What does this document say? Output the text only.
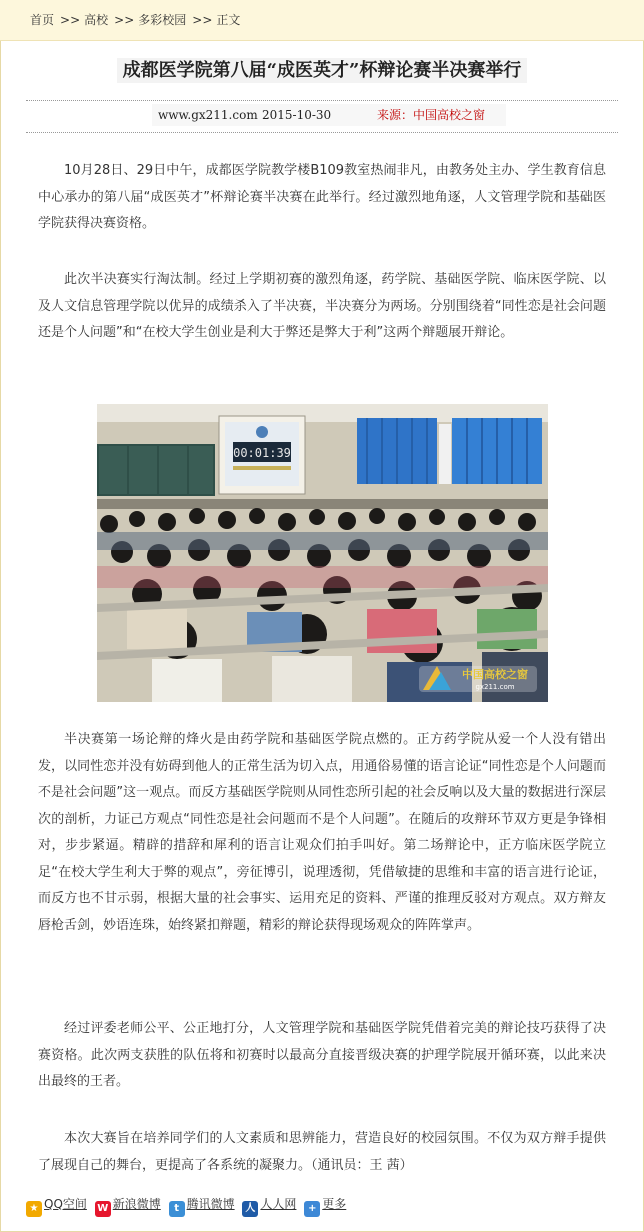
首页 >> 高校 >> 多彩校园 >> 正文
成都医学院第八届“成医英才”杯辩论赛半决赛举行
www.gx211.com 2015-10-30	来源：中国高校之窗

10月28日、29日中午，成都医学院教学楼B109教室热闹非凡，由教务处主办、学生教育信息中心承办的第八届“成医英才”杯辩论赛半决赛在此举行。经过激烈地角逐，人文管理学院和基础医学院获得决赛资格。

此次半决赛实行淘汰制。经过上学期初赛的激烈角逐，药学院、基础医学院、临床医学院、以及人文信息管理学院以优异的成绩杀入了半决赛，半决赛分为两场。分别围绕着“同性恋是社会问题还是个人问题”和“在校大学生创业是利大于弊还是弊大于利”这两个辩题展开辩论。

00:01:39
中国高校之窗
gx211.com

半决赛第一场论辩的烽火是由药学院和基础医学院点燃的。正方药学院从爱一个人没有错出发，以同性恋并没有妨碍到他人的正常生活为切入点，用通俗易懂的语言论证“同性恋是个人问题而不是社会问题”这一观点。而反方基础医学院则从同性恋所引起的社会反响以及大量的数据进行深层次的剖析，力证己方观点“同性恋是社会问题而不是个人问题”。在随后的攻辩环节双方更是争锋相对，步步紧逼。精辟的措辞和犀利的语言让观众们拍手叫好。第二场辩论中，正方临床医学院立足“在校大学生利大于弊的观点”，旁征博引，说理透彻，凭借敏捷的思维和丰富的语言进行论证，而反方也不甘示弱，根据大量的社会事实、运用充足的资料、严谨的推理反驳对方观点。双方辩友唇枪舌剑，妙语连珠，始终紧扣辩题，精彩的辩论获得现场观众的阵阵掌声。

经过评委老师公平、公正地打分，人文管理学院和基础医学院凭借着完美的辩论技巧获得了决赛资格。此次两支获胜的队伍将和初赛时以最高分直接晋级决赛的护理学院展开循环赛，以此来决出最终的王者。

本次大赛旨在培养同学们的人文素质和思辨能力，营造良好的校园氛围。不仅为双方辩手提供了展现自己的舞台，更提高了各系统的凝聚力。（通讯员：王 茜）

★ QQ空间 W 新浪微博 t 腾讯微博 人 人人网 + 更多
